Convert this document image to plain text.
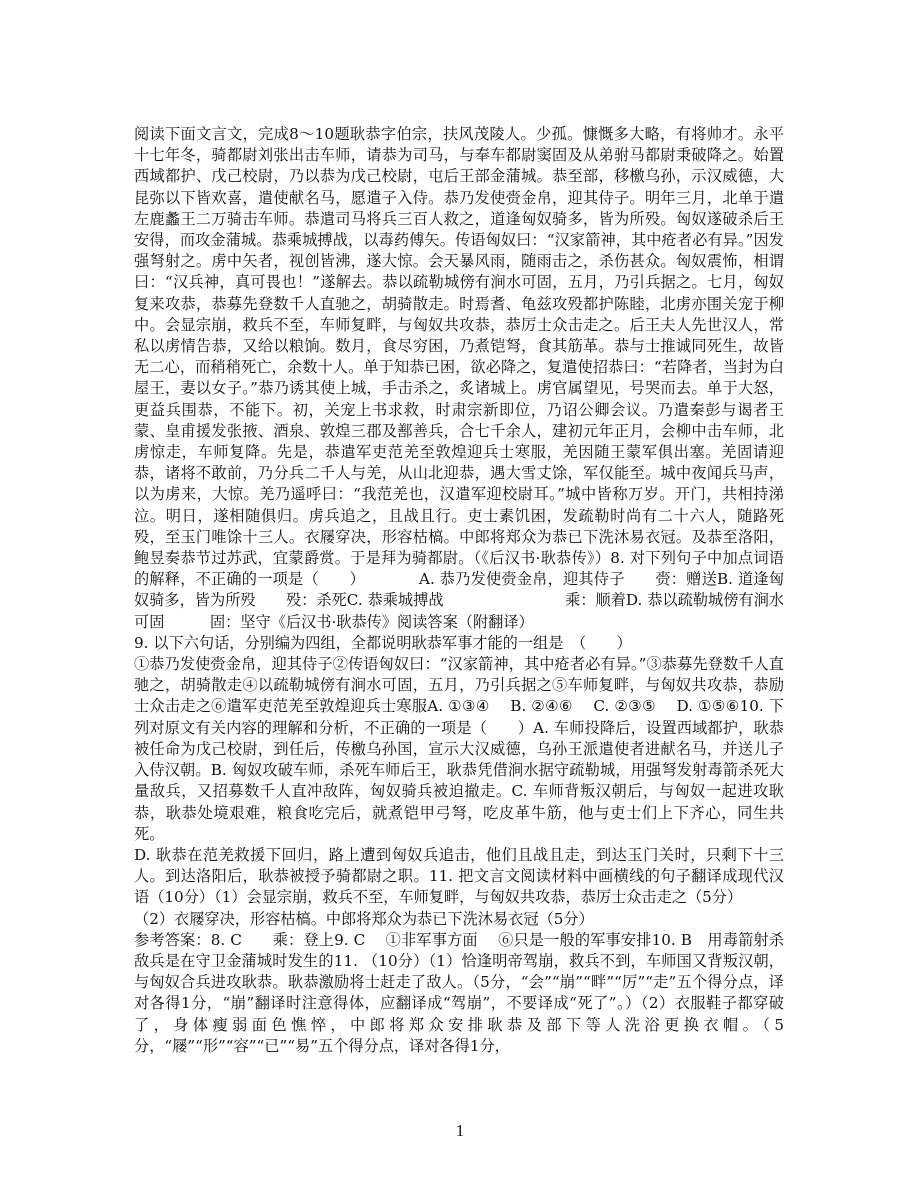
阅读下面文言文，完成8～10题耿恭字伯宗，扶风茂陵人。少孤。慷慨多大略，有将帅才。永平十七年冬，骑都尉刘张出击车师，请恭为司马，与奉车都尉窦固及从弟驸马都尉秉破降之。始置西域都护、戊己校尉，乃以恭为戊己校尉，屯后王部金蒲城。恭至部，移檄乌孙，示汉威德，大昆弥以下皆欢喜，遣使献名马，愿遣子入侍。恭乃发使赍金帛，迎其侍子。明年三月，北单于遣左鹿蠡王二万骑击车师。恭遣司马将兵三百人救之，道逢匈奴骑多，皆为所殁。匈奴遂破杀后王安得，而攻金蒲城。恭乘城搏战，以毒药傅矢。传语匈奴曰：“汉家箭神，其中疮者必有异。”因发强弩射之。虏中矢者，视创皆沸，遂大惊。会天暴风雨，随雨击之，杀伤甚众。匈奴震怖，相谓曰：“汉兵神，真可畏也！”遂解去。恭以疏勒城傍有涧水可固，五月，乃引兵据之。七月，匈奴复来攻恭，恭募先登数千人直驰之，胡骑散走。时焉耆、龟兹攻殁都护陈睦，北虏亦围关宠于柳中。会显宗崩，救兵不至，车师复畔，与匈奴共攻恭，恭厉士众击走之。后王夫人先世汉人，常私以虏情告恭，又给以粮饷。数月，食尽穷困，乃煮铠弩，食其筋革。恭与士推诚同死生，故皆无二心，而稍稍死亡，余数十人。单于知恭已困，欲必降之，复遣使招恭曰：“若降者，当封为白屋王，妻以女子。”恭乃诱其使上城，手击杀之，炙诸城上。虏官属望见，号哭而去。单于大怒，更益兵围恭，不能下。初，关宠上书求救，时肃宗新即位，乃诏公卿会议。乃遣秦彭与谒者王蒙、皇甫援发张掖、酒泉、敦煌三郡及鄯善兵，合七千余人，建初元年正月，会柳中击车师，北虏惊走，车师复降。先是，恭遣军吏范羌至敦煌迎兵士寒服，羌因随王蒙军俱出塞。羌固请迎恭，诸将不敢前，乃分兵二千人与羌，从山北迎恭，遇大雪丈馀，军仅能至。城中夜闻兵马声，以为虏来，大惊。羌乃遥呼曰：“我范羌也，汉遣军迎校尉耳。”城中皆称万岁。开门，共相持涕泣。明日，遂相随俱归。虏兵追之，且战且行。吏士素饥困，发疏勒时尚有二十六人，随路死殁，至玉门唯馀十三人。衣屦穿决，形容枯槁。中郎将郑众为恭已下洗沐易衣冠。及恭至洛阳，鲍昱奏恭节过苏武，宜蒙爵赏。于是拜为骑都尉。（《后汉书·耿恭传》）8. 对下列句子中加点词语的解释，不正确的一项是（　　）　　　　A. 恭乃发使赍金帛，迎其侍子　　赍：赠送B. 道逢匈奴骑多，皆为所殁　　殁：杀死C. 恭乘城搏战　　　　　　　　乘：顺着D. 恭以疏勒城傍有涧水可固　　　固：坚守《后汉书·耿恭传》阅读答案（附翻译）

9. 以下六句话，分别编为四组，全都说明耿恭军事才能的一组是　（　　）

①恭乃发使赍金帛，迎其侍子②传语匈奴曰：“汉家箭神，其中疮者必有异。”③恭募先登数千人直驰之，胡骑散走④以疏勒城傍有涧水可固，五月，乃引兵据之⑤车师复畔，与匈奴共攻恭，恭励士众击走之⑥遣军吏范羌至敦煌迎兵士寒服A. ①③④　 B. ②④⑥　 C. ②③⑤　 D. ①⑤⑥10. 下列对原文有关内容的理解和分析，不正确的一项是（　　）A. 车师投降后，设置西域都护，耿恭被任命为戊己校尉，到任后，传檄乌孙国，宣示大汉威德，乌孙王派遣使者进献名马，并送儿子入侍汉朝。B. 匈奴攻破车师，杀死车师后王，耿恭凭借涧水据守疏勒城，用强弩发射毒箭杀死大量敌兵，又招募数千人直冲敌阵，匈奴骑兵被迫撤走。C. 车师背叛汉朝后，与匈奴一起进攻耿恭，耿恭处境艰难，粮食吃完后，就煮铠甲弓弩，吃皮革牛筋，他与吏士们上下齐心，同生共死。

D. 耿恭在范羌救援下回归，路上遭到匈奴兵追击，他们且战且走，到达玉门关时，只剩下十三人。到达洛阳后，耿恭被授予骑都尉之职。11. 把文言文阅读材料中画横线的句子翻译成现代汉语（10分）（1）会显宗崩，救兵不至，车师复畔，与匈奴共攻恭，恭厉士众击走之（5分）

（2）衣屦穿决，形容枯槁。中郎将郑众为恭已下洗沐易衣冠（5分）

参考答案：8. C　　乘：登上9. C　 ①非军事方面　 ⑥只是一般的军事安排10. B　用毒箭射杀敌兵是在守卫金蒲城时发生的11. （10分）（1）恰逢明帝驾崩，救兵不到，车师国又背叛汉朝，与匈奴合兵进攻耿恭。耿恭激励将士赶走了敌人。（5分，“会”“崩”“畔”“厉”“走”五个得分点，译对各得1分，“崩”翻译时注意得体，应翻译成“驾崩”，不要译成“死了”。）（2）衣服鞋子都穿破了，身体瘦弱面色憔悴，中郎将郑众安排耿恭及部下等人洗浴更换衣帽。（5分，“屦”“形”“容”“已”“易”五个得分点，译对各得1分，

1
